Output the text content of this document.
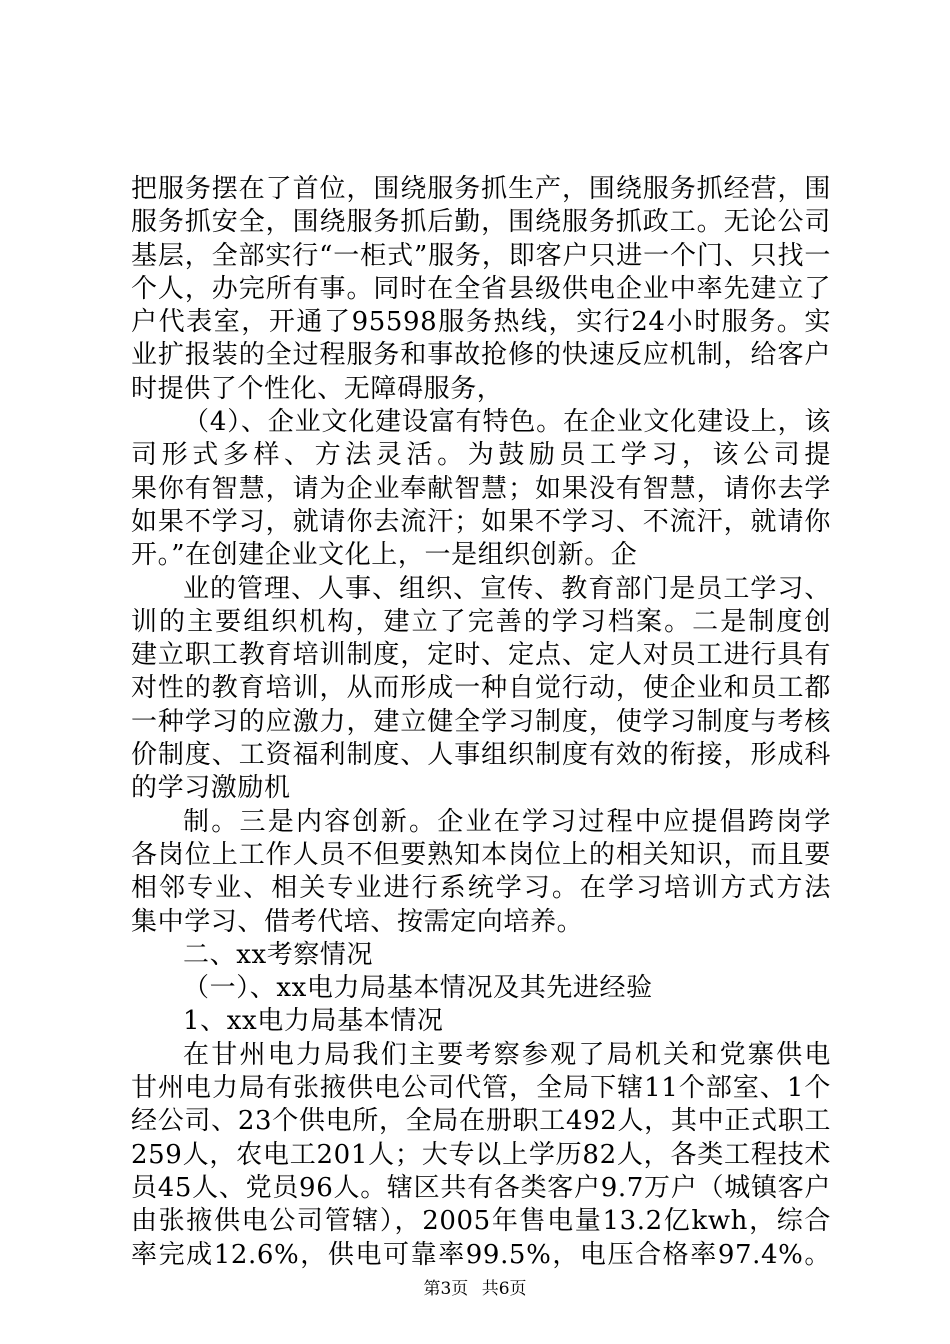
把服务摆在了首位，围绕服务抓生产，围绕服务抓经营，围
服务抓安全，围绕服务抓后勤，围绕服务抓政工。无论公司
基层，全部实行“一柜式”服务，即客户只进一个门、只找一
个人，办完所有事。同时在全省县级供电企业中率先建立了
户代表室，开通了95598服务热线，实行24小时服务。实
业扩报装的全过程服务和事故抢修的快速反应机制，给客户
时提供了个性化、无障碍服务，
（4）、企业文化建设富有特色。在企业文化建设上，该
司形式多样、方法灵活。为鼓励员工学习，该公司提
果你有智慧，请为企业奉献智慧；如果没有智慧，请你去学
如果不学习，就请你去流汗；如果不学习、不流汗，就请你
开。”在创建企业文化上，一是组织创新。企
业的管理、人事、组织、宣传、教育部门是员工学习、
训的主要组织机构，建立了完善的学习档案。二是制度创
建立职工教育培训制度，定时、定点、定人对员工进行具有
对性的教育培训，从而形成一种自觉行动，使企业和员工都
一种学习的应激力，建立健全学习制度，使学习制度与考核
价制度、工资福利制度、人事组织制度有效的衔接，形成科
的学习激励机
制。三是内容创新。企业在学习过程中应提倡跨岗学
各岗位上工作人员不但要熟知本岗位上的相关知识，而且要
相邻专业、相关专业进行系统学习。在学习培训方式方法
集中学习、借考代培、按需定向培养。
二、xx考察情况
（一）、xx电力局基本情况及其先进经验
1、xx电力局基本情况
在甘州电力局我们主要考察参观了局机关和党寨供电
甘州电力局有张掖供电公司代管，全局下辖11个部室、1个
经公司、23个供电所，全局在册职工492人，其中正式职工
259人，农电工201人；大专以上学历82人，各类工程技术
员45人、党员96人。辖区共有各类客户9.7万户（城镇客户
由张掖供电公司管辖），2005年售电量13.2亿kwh，综合
率完成12.6%，供电可靠率99.5%，电压合格率97.4%。
第3页 共6页
